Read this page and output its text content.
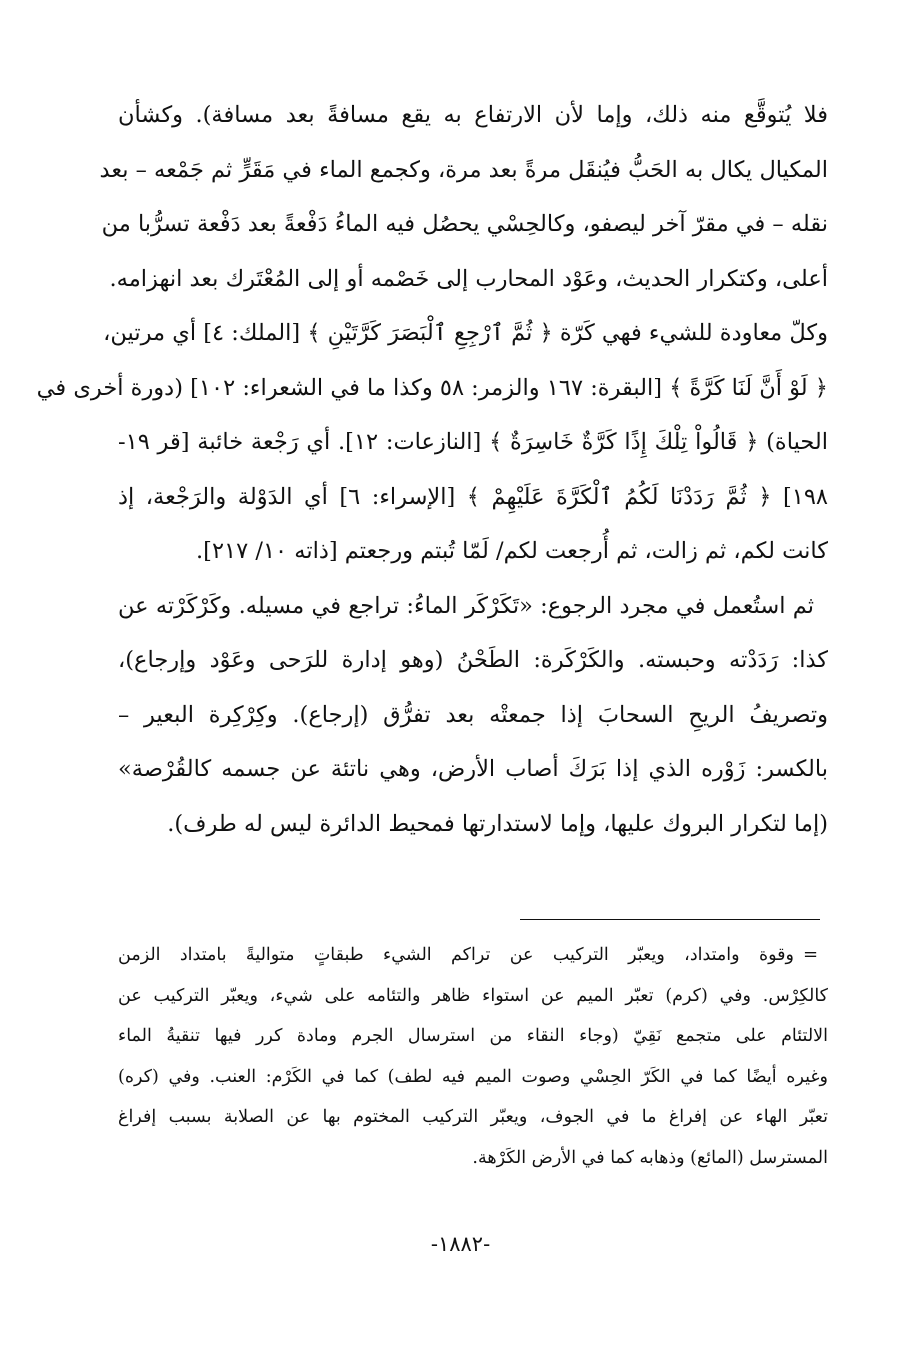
فلا يُتوقَّع منه ذلك، وإما لأن الارتفاع به يقع مسافةً بعد مسافة). وكشأن
المكيال يكال به الحَبُّ فيُنقَل مرةً بعد مرة، وكجمع الماء في مَقَرٍّ ثم جَمْعه – بعد
نقله – في مقرّ آخر ليصفو، وكالحِسْي يحصُل فيه الماءُ دَفْعةً بعد دَفْعة تسرُّبا من
أعلى، وكتكرار الحديث، وعَوْد المحارب إلى خَصْمه أو إلى المُعْتَرك بعد انهزامه.
وكلّ معاودة للشيء فهي كَرّة ﴿ ثُمَّ ٱرْجِعِ ٱلْبَصَرَ كَرَّتَيْنِ ﴾ [الملك: ٤] أي مرتين،
﴿ لَوْ أَنَّ لَنَا كَرَّةً ﴾ [البقرة: ١٦٧ والزمر: ٥٨ وكذا ما في الشعراء: ١٠٢] (دورة أخرى في
الحياة) ﴿ قَالُواْ تِلْكَ إِذًا كَرَّةٌ خَاسِرَةٌ ﴾ [النازعات: ١٢]. أي رَجْعة خائبة [قر ١٩-
١٩٨] ﴿ ثُمَّ رَدَدْنَا لَكُمُ ٱلْكَرَّةَ عَلَيْهِمْ ﴾ [الإسراء: ٦] أي الدَوْلة والرَجْعة، إذ
كانت لكم، ثم زالت، ثم أُرجعت لكم/ لَمّا تُبتم ورجعتم [ذاته ١٠/ ٢١٧].
ثم استُعمل في مجرد الرجوع: «تَكَرْكَر الماءُ: تراجع في مسيله. وكَرْكَرْته عن
كذا: رَدَدْته وحبسته. والكَرْكَرة: الطَحْنُ (وهو إدارة للرَحى وعَوْد وإرجاع)،
وتصريفُ الريحِ السحابَ إذا جمعتْه بعد تفرُّق (إرجاع). وكِرْكِرة البعير –
بالكسر: زَوْره الذي إذا بَرَكَ أصاب الأرض، وهي ناتئة عن جسمه كالقُرْصة»
(إما لتكرار البروك عليها، وإما لاستدارتها فمحيط الدائرة ليس له طرف).
=
وقوة وامتداد، ويعبّر التركيب عن تراكم الشيء طبقاتٍ متواليةً بامتداد الزمن
كالكِرْس. وفي (كرم) تعبّر الميم عن استواء ظاهر والتئامه على شيء، ويعبّر التركيب عن
الالتئام على متجمع نَقِيّ (وجاء النقاء من استرسال الجرم ومادة كرر فيها تنقيةُ الماء
وغيره أيضًا كما في الكَرّ الحِسْي وصوت الميم فيه لطف) كما في الكَرْم: العنب. وفي (كره)
تعبّر الهاء عن إفراغ ما في الجوف، ويعبّر التركيب المختوم بها عن الصلابة بسبب إفراغ
المسترسل (المائع) وذهابه كما في الأرض الكَرْهة.
-١٨٨٢-
